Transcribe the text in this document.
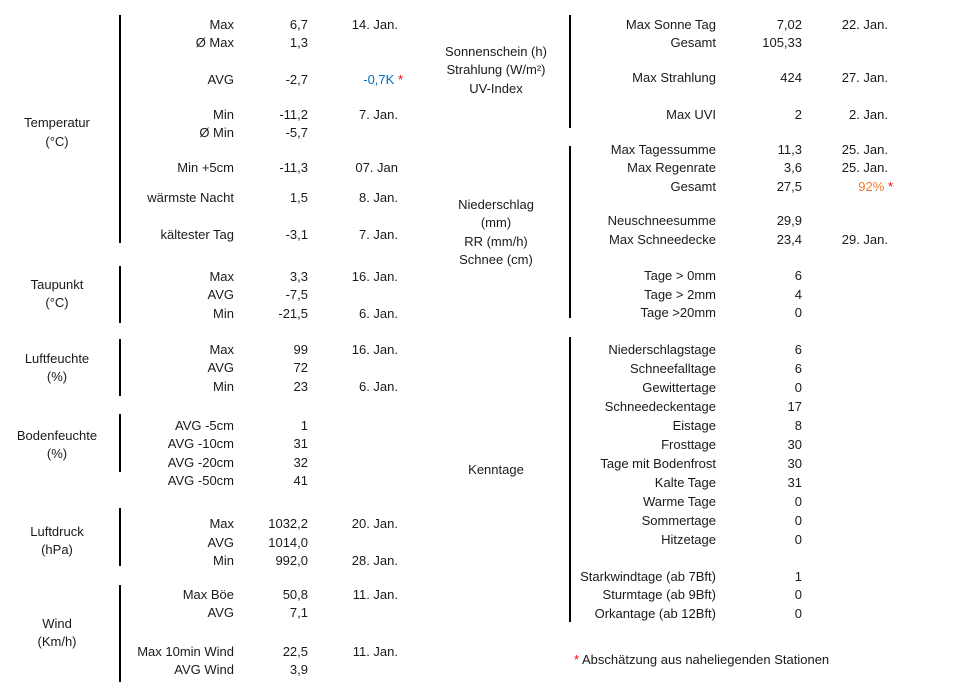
* Abschätzung aus naheliegenden Stationen
Temperatur
(°C)
Max	6,7	14. Jan.
Ø Max	1,3
AVG	-2,7	-0,7K *
Min	-11,2	7. Jan.
Ø Min	-5,7
Min +5cm	-11,3	07. Jan
wärmste Nacht	1,5	8. Jan.
kältester Tag	-3,1	7. Jan.
Taupunkt
(°C)
Max	3,3	16. Jan.
AVG	-7,5
Min	-21,5	6. Jan.
Luftfeuchte
(%)
Max	99	16. Jan.
AVG	72
Min	23	6. Jan.
Bodenfeuchte
(%)
AVG -5cm	1
AVG -10cm	31
AVG -20cm	32
AVG -50cm	41
Luftdruck
(hPa)
Max	1032,2	20. Jan.
AVG	1014,0
Min	992,0	28. Jan.
Wind
(Km/h)
Max Böe	50,8	11. Jan.
AVG	7,1
Max 10min Wind	22,5	11. Jan.
AVG Wind	3,9
Sonnenschein (h)
Strahlung (W/m²)
UV-Index
Max Sonne Tag	7,02	22. Jan.
Gesamt	105,33
Max Strahlung	424	27. Jan.
Max UVI	2	2. Jan.
Niederschlag
(mm)
RR (mm/h)
Schnee (cm)
Max Tagessumme	11,3	25. Jan.
Max Regenrate	3,6	25. Jan.
Gesamt	27,5	92% *
Neuschneesumme	29,9
Max Schneedecke	23,4	29. Jan.
Tage > 0mm	6
Tage > 2mm	4
Tage >20mm	0
Kenntage
Niederschlagstage	6
Schneefalltage	6
Gewittertage	0
Schneedeckentage	17
Eistage	8
Frosttage	30
Tage mit Bodenfrost	30
Kalte Tage	31
Warme Tage	0
Sommertage	0
Hitzetage	0
Starkwindtage (ab 7Bft)	1
Sturmtage (ab 9Bft)	0
Orkantage (ab 12Bft)	0
